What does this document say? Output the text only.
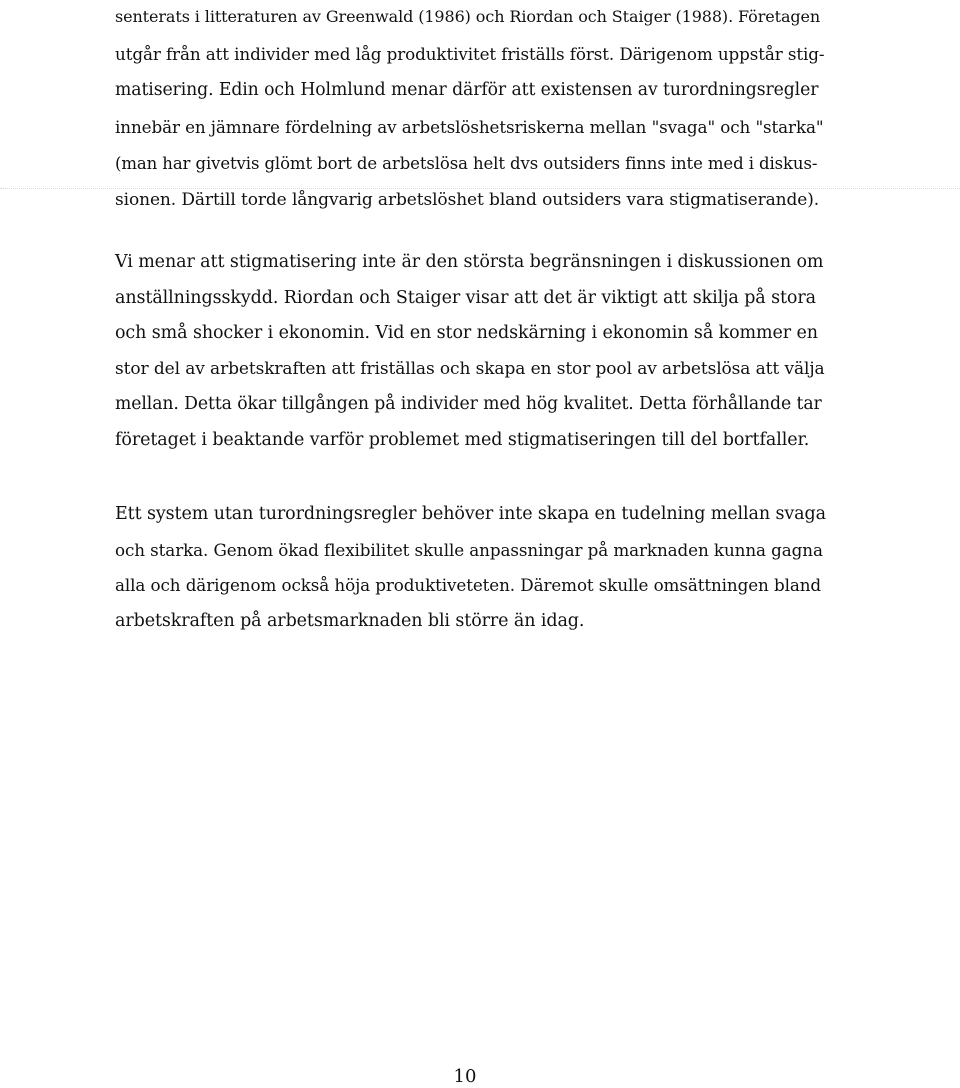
senterats i litteraturen av Greenwald (1986) och Riordan och Staiger (1988). Företagen
utgår från att individer med låg produktivitet friställs först. Därigenom uppstår stig-
matisering. Edin och Holmlund menar därför att existensen av turordningsregler
innebär en jämnare fördelning av arbetslöshetsriskerna mellan "svaga" och "starka"
(man har givetvis glömt bort de arbetslösa helt dvs outsiders finns inte med i diskus-
sionen. Därtill torde långvarig arbetslöshet bland outsiders vara stigmatiserande).

Vi menar att stigmatisering inte är den största begränsningen i diskussionen om
anställningsskydd. Riordan och Staiger visar att det är viktigt att skilja på stora
och små shocker i ekonomin. Vid en stor nedskärning i ekonomin så kommer en
stor del av arbetskraften att friställas och skapa en stor pool av arbetslösa att välja
mellan. Detta ökar tillgången på individer med hög kvalitet. Detta förhållande tar
företaget i beaktande varför problemet med stigmatiseringen till del bortfaller.

Ett system utan turordningsregler behöver inte skapa en tudelning mellan svaga
och starka. Genom ökad flexibilitet skulle anpassningar på marknaden kunna gagna
alla och därigenom också höja produktiveteten. Däremot skulle omsättningen bland
arbetskraften på arbetsmarknaden bli större än idag.

10
